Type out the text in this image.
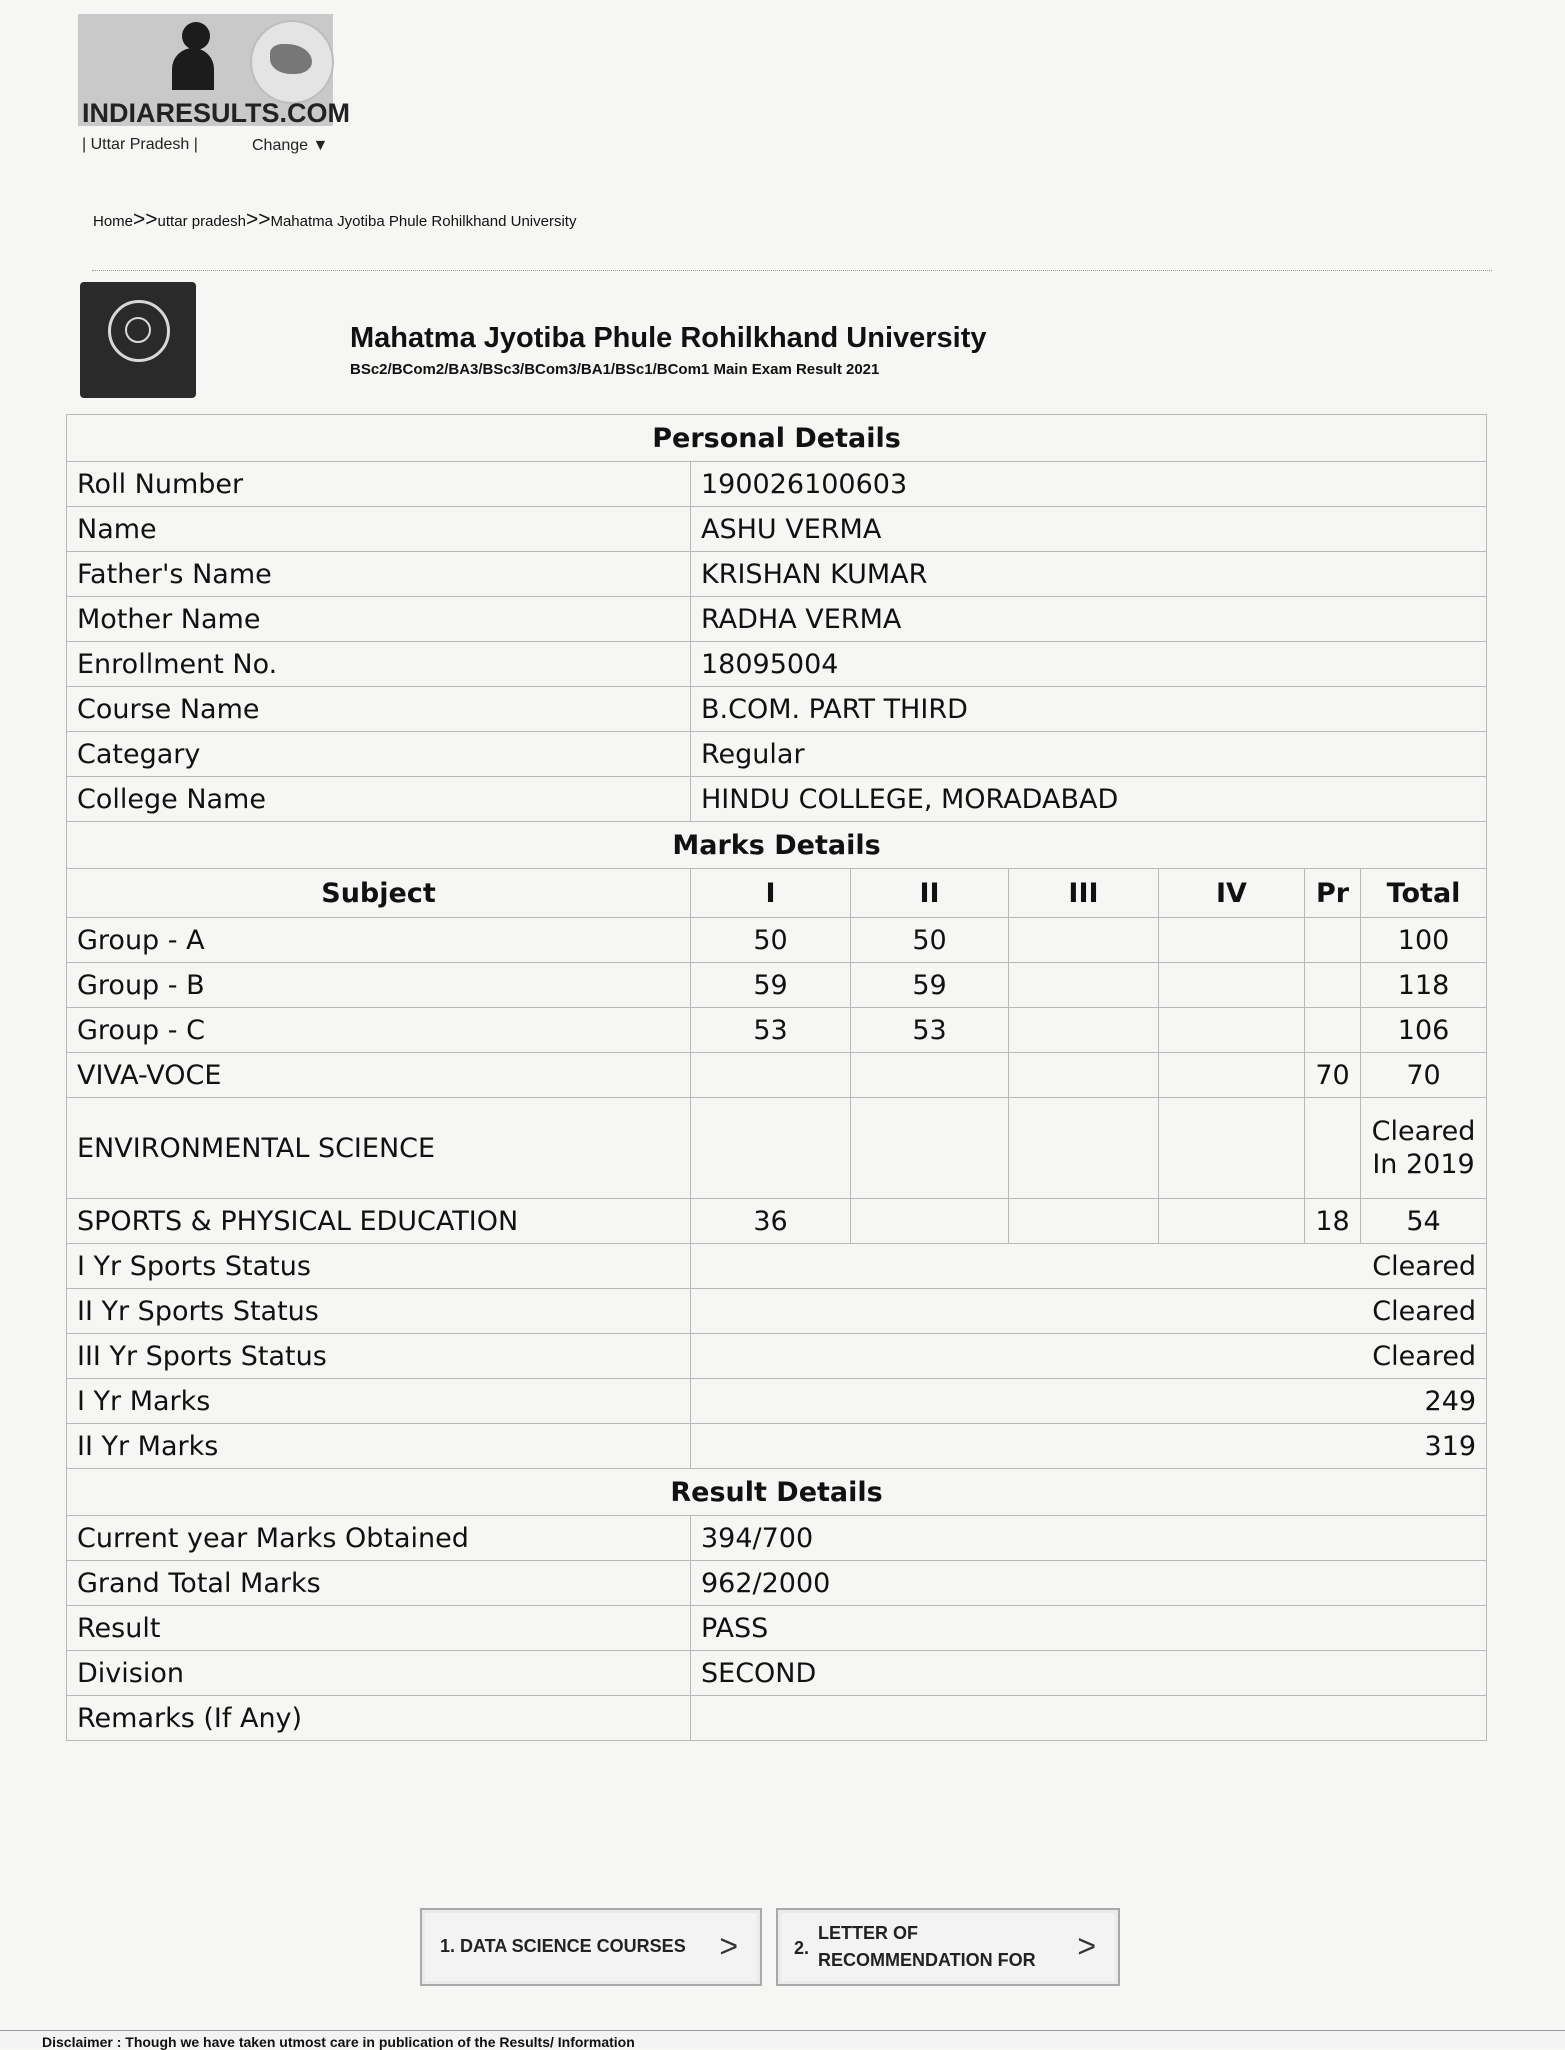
INDIARESULTS.COM
| Uttar Pradesh |	Change ▼
Home>>uttar pradesh>>Mahatma Jyotiba Phule Rohilkhand University
Mahatma Jyotiba Phule Rohilkhand University
BSc2/BCom2/BA3/BSc3/BCom3/BA1/BSc1/BCom1 Main Exam Result 2021
Personal Details						
Roll Number	190026100603					
Name	ASHU VERMA					
Father's Name	KRISHAN KUMAR					
Mother Name	RADHA VERMA					
Enrollment No.	18095004					
Course Name	B.COM. PART THIRD					
Categary	Regular					
College Name	HINDU COLLEGE, MORADABAD					
Marks Details						
Subject	I	II	III	IV	Pr	Total
Group - A	50	50				100
Group - B	59	59				118
Group - C	53	53				106
VIVA-VOCE					70	70
ENVIRONMENTAL SCIENCE						Cleared In 2019
SPORTS & PHYSICAL EDUCATION	36				18	54
I Yr Sports Status	Cleared					
II Yr Sports Status	Cleared					
III Yr Sports Status	Cleared					
I Yr Marks	249					
II Yr Marks	319					
Result Details						
Current year Marks Obtained	394/700					
Grand Total Marks	962/2000					
Result	PASS					
Division	SECOND					
Remarks (If Any)						
1. DATA SCIENCE COURSES >	2.
LETTER OF
RECOMMENDATION FOR >
Disclaimer : Though we have taken utmost care in publication of the Results/ Information
